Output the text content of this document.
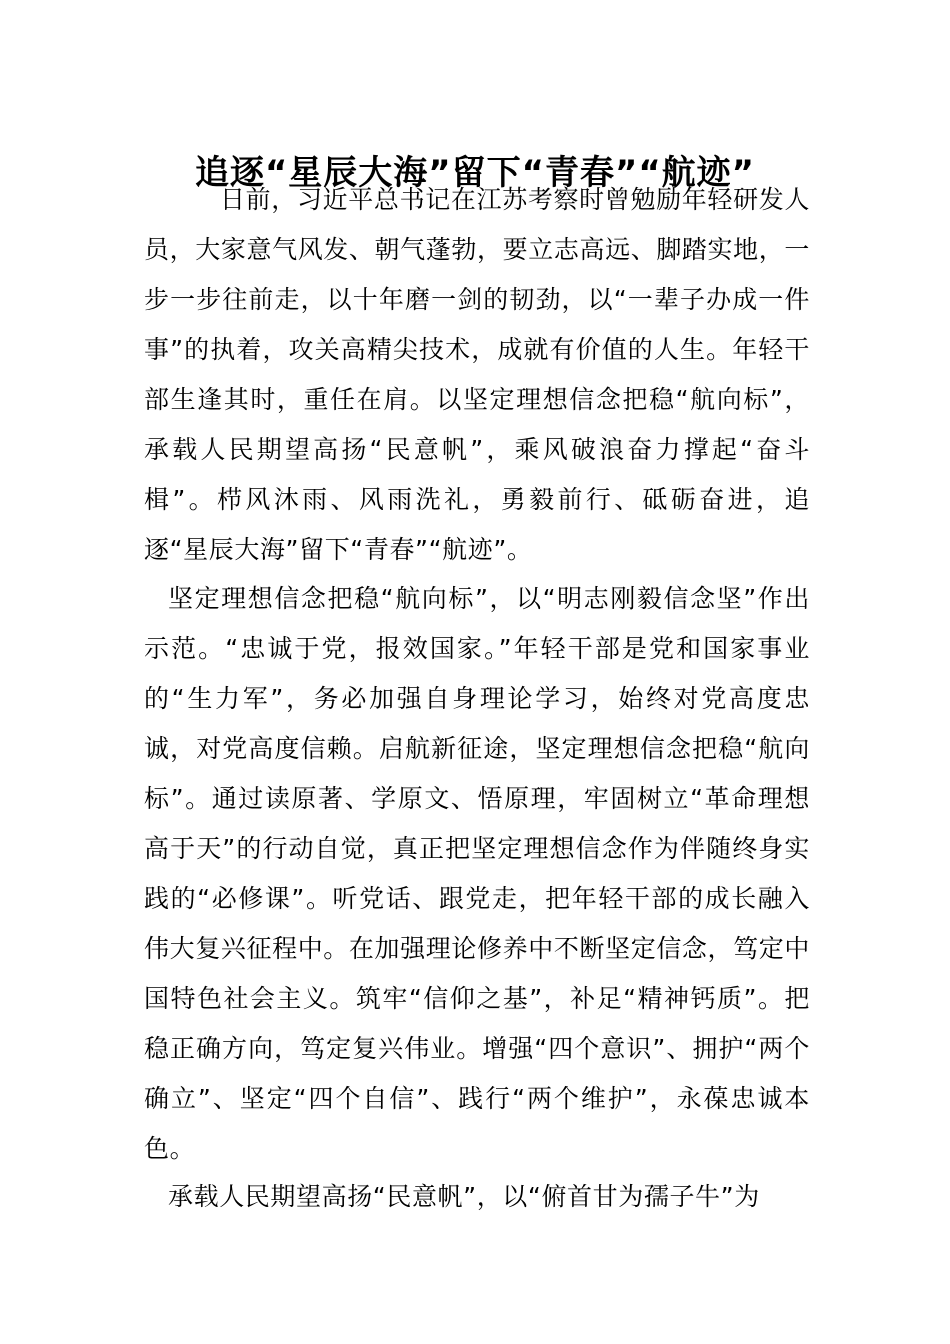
追逐“星辰大海”留下“青春”“航迹”

日前，习近平总书记在江苏考察时曾勉励年轻研发人员，大家意气风发、朝气蓬勃，要立志高远、脚踏实地，一步一步往前走，以十年磨一剑的韧劲，以“一辈子办成一件事”的执着，攻关高精尖技术，成就有价值的人生。年轻干部生逢其时，重任在肩。以坚定理想信念把稳“航向标”，承载人民期望高扬“民意帆”，乘风破浪奋力撑起“奋斗楫”。栉风沐雨、风雨洗礼，勇毅前行、砥砺奋进，追逐“星辰大海”留下“青春”“航迹”。

坚定理想信念把稳“航向标”，以“明志刚毅信念坚”作出示范。“忠诚于党，报效国家。”年轻干部是党和国家事业的“生力军”，务必加强自身理论学习，始终对党高度忠诚，对党高度信赖。启航新征途，坚定理想信念把稳“航向标”。通过读原著、学原文、悟原理，牢固树立“革命理想高于天”的行动自觉，真正把坚定理想信念作为伴随终身实践的“必修课”。听党话、跟党走，把年轻干部的成长融入伟大复兴征程中。在加强理论修养中不断坚定信念，笃定中国特色社会主义。筑牢“信仰之基”，补足“精神钙质”。把稳正确方向，笃定复兴伟业。增强“四个意识”、拥护“两个确立”、坚定“四个自信”、践行“两个维护”，永葆忠诚本色。

承载人民期望高扬“民意帆”，以“俯首甘为孺子牛”为
